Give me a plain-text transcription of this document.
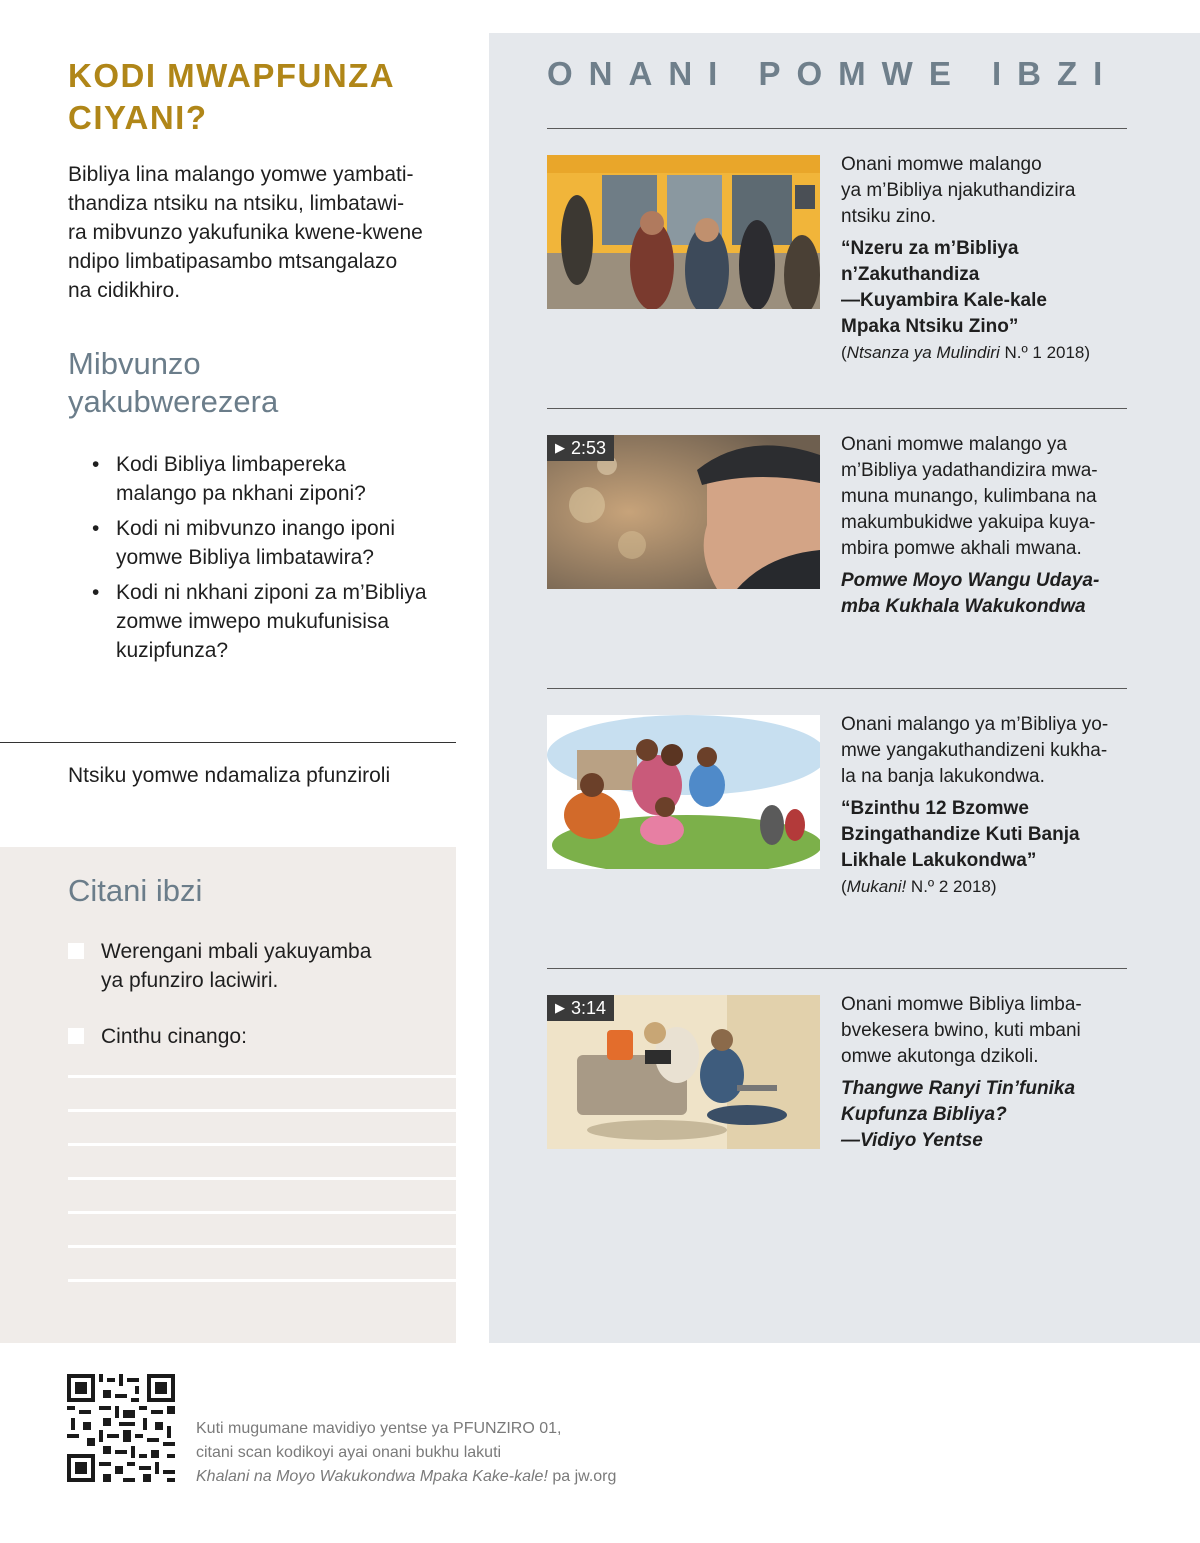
KODI MWAPFUNZA
CIYANI?

Bibliya lina malango yomwe yambati-
thandiza ntsiku na ntsiku, limbatawi-
ra mibvunzo yakufunika kwene-kwene
ndipo limbatipasambo mtsangalazo
na cidikhiro.

Mibvunzo
yakubwerezera
• Kodi Bibliya limbapereka
malango pa nkhani ziponi?
• Kodi ni mibvunzo inango iponi
yomwe Bibliya limbatawira?
• Kodi ni nkhani ziponi za m’Bibliya
zomwe imwepo mukufunisisa
kuzipfunza?

Ntsiku yomwe ndamaliza pfunziroli

Citani ibzi
Werengani mbali yakuyamba
ya pfunziro laciwiri.
Cinthu cinango:
ONANI POMWE IBZI

Onani momwe malango
ya m’Bibliya njakuthandizira
ntsiku zino.

“Nzeru za m’Bibliya
n’Zakuthandiza
—Kuyambira Kale-kale
Mpaka Ntsiku Zino”

(Ntsanza ya Mulindiri N.º 1 2018)

▶ 2:53	Onani momwe malango ya
m’Bibliya yadathandizira mwa-
muna munango, kulimbana na
makumbukidwe yakuipa kuya-
mbira pomwe akhali mwana.

Pomwe Moyo Wangu Udaya-
mba Kukhala Wakukondwa

Onani malango ya m’Bibliya yo-
mwe yangakuthandizeni kukha-
la na banja lakukondwa.

“Bzinthu 12 Bzomwe
Bzingathandize Kuti Banja
Likhale Lakukondwa”

(Mukani! N.º 2 2018)

▶ 3:14	Onani momwe Bibliya limba-
bvekesera bwino, kuti mbani
omwe akutonga dzikoli.

Thangwe Ranyi Tin’funika
Kupfunza Bibliya?
—Vidiyo Yentse

Kuti mugumane mavidiyo yentse ya PFUNZIRO 01,

citani scan kodikoyi ayai onani bukhu lakuti

Khalani na Moyo Wakukondwa Mpaka Kake-kale! pa jw.org
